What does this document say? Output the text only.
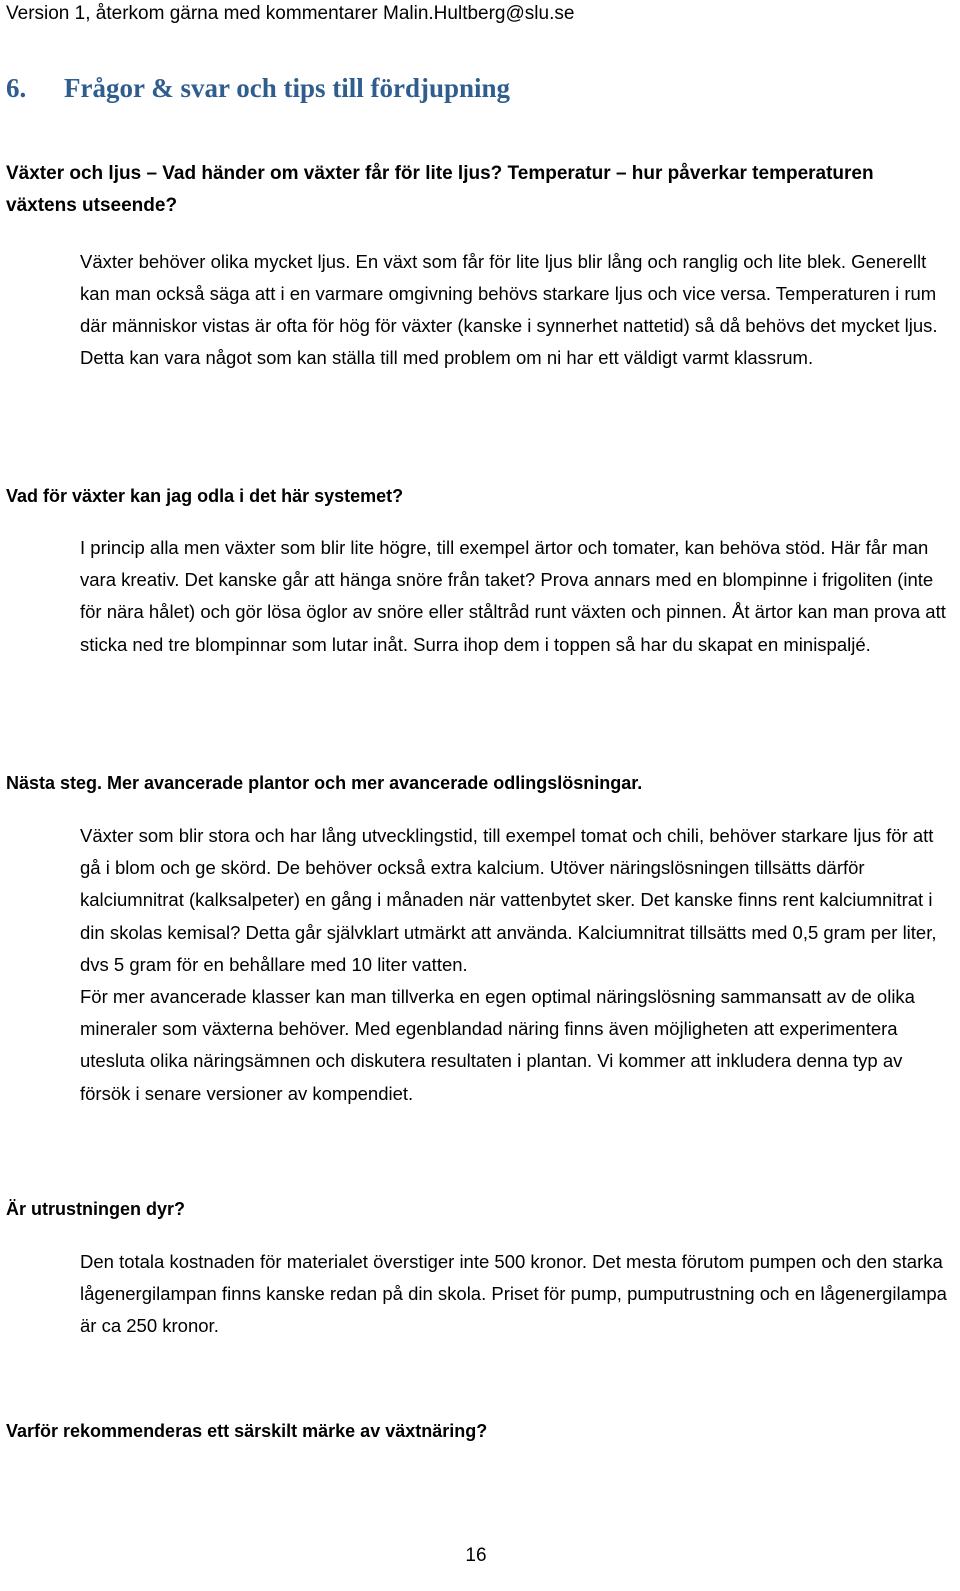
Version 1, återkom gärna med kommentarer Malin.Hultberg@slu.se
6. Frågor & svar och tips till fördjupning
Växter och ljus – Vad händer om växter får för lite ljus? Temperatur – hur påverkar temperaturen växtens utseende?

Växter behöver olika mycket ljus. En växt som får för lite ljus blir lång och ranglig och lite blek. Generellt kan man också säga att i en varmare omgivning behövs starkare ljus och vice versa. Temperaturen i rum där människor vistas är ofta för hög för växter (kanske i synnerhet nattetid) så då behövs det mycket ljus. Detta kan vara något som kan ställa till med problem om ni har ett väldigt varmt klassrum.

Vad för växter kan jag odla i det här systemet?

I princip alla men växter som blir lite högre, till exempel ärtor och tomater, kan behöva stöd. Här får man vara kreativ. Det kanske går att hänga snöre från taket? Prova annars med en blompinne i frigoliten (inte för nära hålet) och gör lösa öglor av snöre eller ståltråd runt växten och pinnen. Åt ärtor kan man prova att sticka ned tre blompinnar som lutar inåt. Surra ihop dem i toppen så har du skapat en minispaljé.

Nästa steg. Mer avancerade plantor och mer avancerade odlingslösningar.

Växter som blir stora och har lång utvecklingstid, till exempel tomat och chili, behöver starkare ljus för att gå i blom och ge skörd. De behöver också extra kalcium. Utöver näringslösningen tillsätts därför kalciumnitrat (kalksalpeter) en gång i månaden när vattenbytet sker. Det kanske finns rent kalciumnitrat i din skolas kemisal? Detta går självklart utmärkt att använda. Kalciumnitrat tillsätts med 0,5 gram per liter, dvs 5 gram för en behållare med 10 liter vatten.

För mer avancerade klasser kan man tillverka en egen optimal näringslösning sammansatt av de olika mineraler som växterna behöver. Med egenblandad näring finns även möjligheten att experimentera utesluta olika näringsämnen och diskutera resultaten i plantan. Vi kommer att inkludera denna typ av försök i senare versioner av kompendiet.

Är utrustningen dyr?

Den totala kostnaden för materialet överstiger inte 500 kronor. Det mesta förutom pumpen och den starka lågenergilampan finns kanske redan på din skola. Priset för pump, pumputrustning och en lågenergilampa är ca 250 kronor.

Varför rekommenderas ett särskilt märke av växtnäring?
16
